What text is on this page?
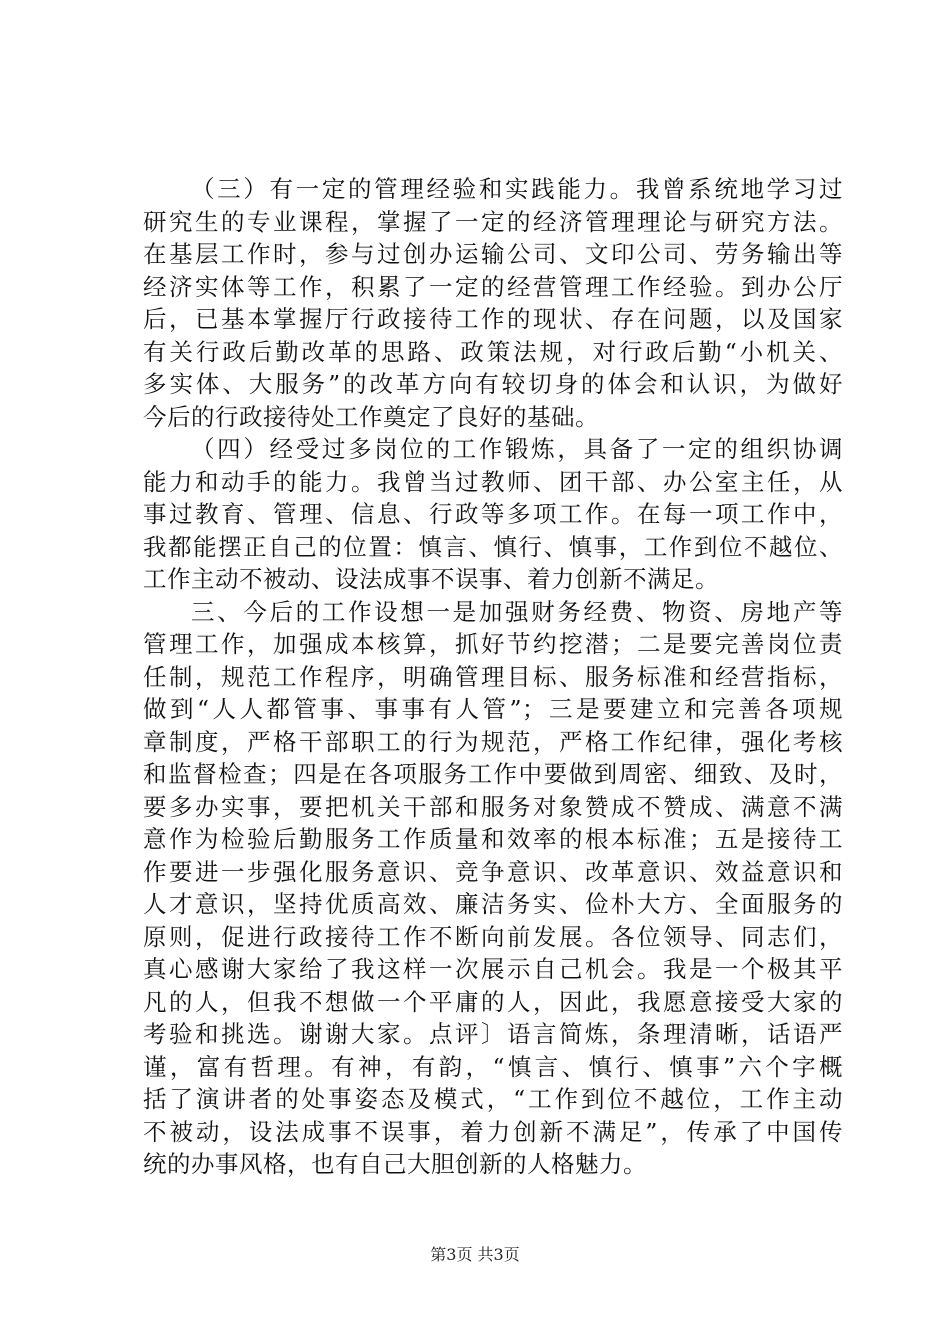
（三）有一定的管理经验和实践能力。我曾系统地学习过
研究生的专业课程，掌握了一定的经济管理理论与研究方法。
在基层工作时，参与过创办运输公司、文印公司、劳务输出等
经济实体等工作，积累了一定的经营管理工作经验。到办公厅
后，已基本掌握厅行政接待工作的现状、存在问题，以及国家
有关行政后勤改革的思路、政策法规，对行政后勤“小机关、
多实体、大服务”的改革方向有较切身的体会和认识，为做好
今后的行政接待处工作奠定了良好的基础。
（四）经受过多岗位的工作锻炼，具备了一定的组织协调
能力和动手的能力。我曾当过教师、团干部、办公室主任，从
事过教育、管理、信息、行政等多项工作。在每一项工作中，
我都能摆正自己的位置：慎言、慎行、慎事，工作到位不越位、
工作主动不被动、设法成事不误事、着力创新不满足。
三、今后的工作设想一是加强财务经费、物资、房地产等
管理工作，加强成本核算，抓好节约挖潜；二是要完善岗位责
任制，规范工作程序，明确管理目标、服务标准和经营指标，
做到“人人都管事、事事有人管”；三是要建立和完善各项规
章制度，严格干部职工的行为规范，严格工作纪律，强化考核
和监督检查；四是在各项服务工作中要做到周密、细致、及时，
要多办实事，要把机关干部和服务对象赞成不赞成、满意不满
意作为检验后勤服务工作质量和效率的根本标准；五是接待工
作要进一步强化服务意识、竞争意识、改革意识、效益意识和
人才意识，坚持优质高效、廉洁务实、俭朴大方、全面服务的
原则，促进行政接待工作不断向前发展。各位领导、同志们，
真心感谢大家给了我这样一次展示自己机会。我是一个极其平
凡的人，但我不想做一个平庸的人，因此，我愿意接受大家的
考验和挑选。谢谢大家。点评〕语言简炼，条理清晰，话语严
谨，富有哲理。有神，有韵，“慎言、慎行、慎事”六个字概
括了演讲者的处事姿态及模式，“工作到位不越位，工作主动
不被动，设法成事不误事，着力创新不满足”，传承了中国传
统的办事风格，也有自己大胆创新的人格魅力。
第3页 共3页
